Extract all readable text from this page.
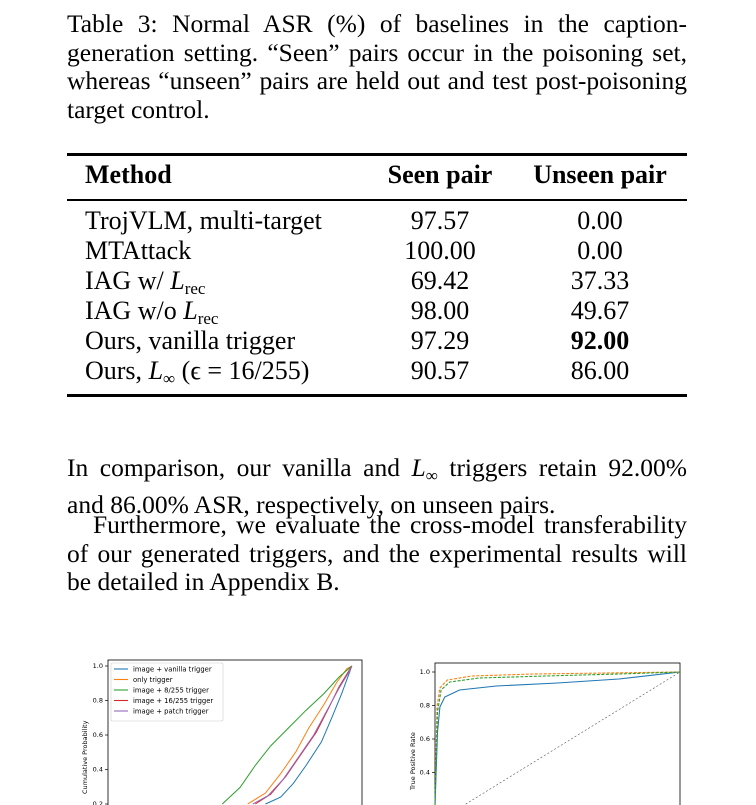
Table 3: Normal ASR (%) of baselines in the caption-generation setting. “Seen” pairs occur in the poisoning set, whereas “unseen” pairs are held out and test post-poisoning target control.
Method	Seen pair	Unseen pair
TrojVLM, multi-target	97.57	0.00
MTAttack	100.00	0.00
IAG w/ $L_{rec}$	69.42	37.33
IAG w/o $L_{rec}$	98.00	49.67
Ours, vanilla trigger	97.29	92.00
Ours, $L_\infty$ (ϵ = 16/255)	90.57	86.00
In comparison, our vanilla and $L_\infty$ triggers retain 92.00% and 86.00% ASR, respectively, on unseen pairs.
Furthermore, we evaluate the cross-model transferability of our generated triggers, and the experimental results will be detailed in Appendix B.
1.0
0.8
0.6
0.4
0.2
Cumulative Probability
image + vanilla trigger
only trigger
image + 8/255 trigger
image + 16/255 trigger
image + patch trigger
1.0
0.8
0.6
0.4
True Positive Rate
